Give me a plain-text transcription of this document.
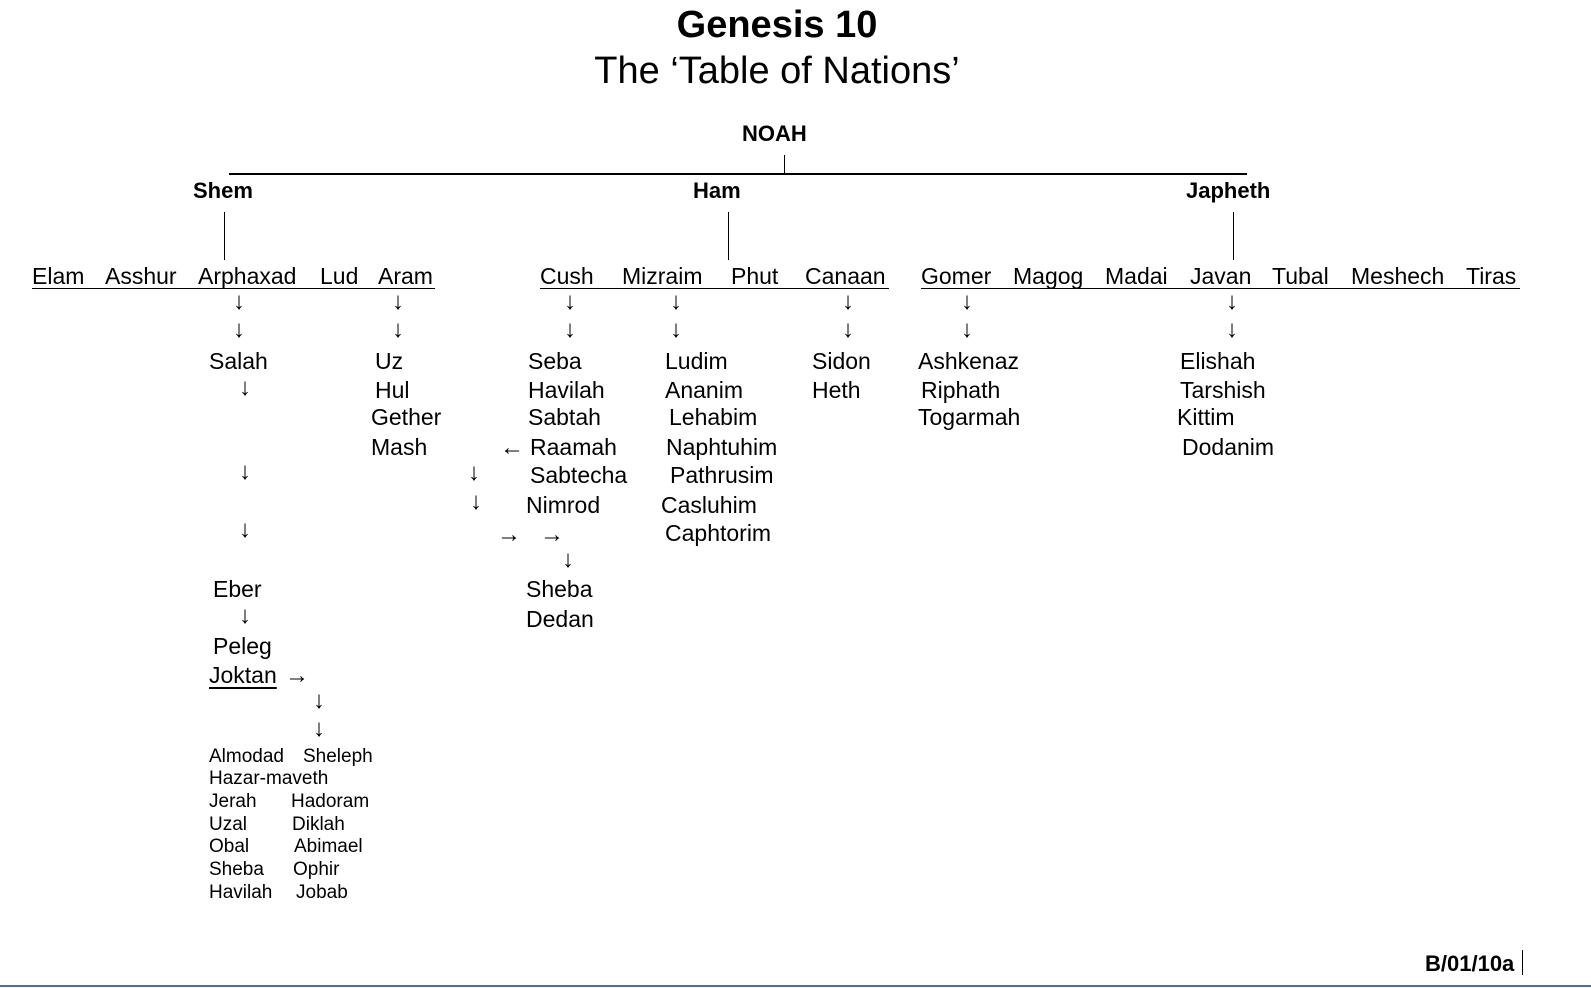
Genesis 10
The ‘Table of Nations’
NOAH
Shem	Ham	Japheth
Elam Asshur Arphaxad Lud Aram	Cush Mizraim Phut Canaan Gomer Magog Madai Javan Tubal Meshech Tiras
↓
↓
↓
↓
↓
↓
↓
↓
↓
↓
↓
↓
↓
↓
Salah
↓
↓
↓
Eber
↓
Peleg
Joktan →
↓
↓
Almodad Sheleph
Hazar-maveth
Jerah Hadoram
Uzal Diklah
Obal Abimael
Sheba Ophir
Havilah Jobab
Uz
Hul
Gether
Mash
Seba
Havilah
Sabtah
← Raamah
↓ Sabtecha
↓ Nimrod
→ →
↓
Sheba
Dedan
Ludim
Ananim
Lehabim
Naphtuhim
Pathrusim
Casluhim
Caphtorim
Sidon
Heth
Ashkenaz
Riphath
Togarmah
Elishah
Tarshish
Kittim
Dodanim
B/01/10a
